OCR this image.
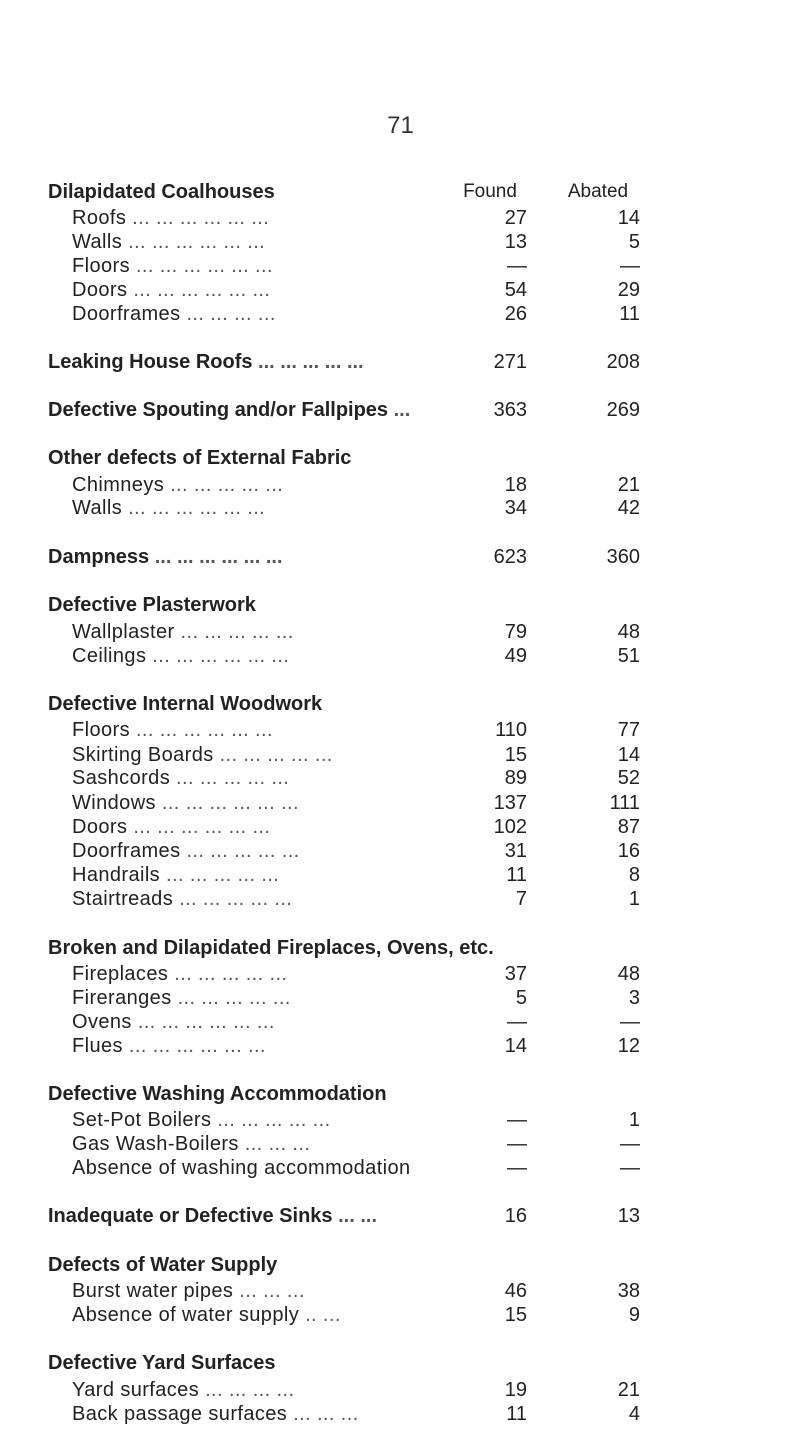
71
Dilapidated Coalhouses	Found	Abated
Roofs ... ... ... ... ... ...	27	14
Walls ... ... ... ... ... ...	13	5
Floors ... ... ... ... ... ...	—	—
Doors ... ... ... ... ... ...	54	29
Doorframes ... ... ... ...	26	11
Leaking House Roofs ... ... ... ... ...	271	208
Defective Spouting and/or Fallpipes ...	363	269
Other defects of External Fabric
Chimneys ... ... ... ... ...	18	21
Walls ... ... ... ... ... ...	34	42
Dampness ... ... ... ... ... ...	623	360
Defective Plasterwork
Wallplaster ... ... ... ... ...	79	48
Ceilings ... ... ... ... ... ...	49	51
Defective Internal Woodwork
Floors ... ... ... ... ... ...	110	77
Skirting Boards ... ... ... ... ...	15	14
Sashcords ... ... ... ... ...	89	52
Windows ... ... ... ... ... ...	137	111
Doors ... ... ... ... ... ...	102	87
Doorframes ... ... ... ... ...	31	16
Handrails ... ... ... ... ...	11	8
Stairtreads ... ... ... ... ...	7	1
Broken and Dilapidated Fireplaces, Ovens, etc.
Fireplaces ... ... ... ... ...	37	48
Fireranges ... ... ... ... ...	5	3
Ovens ... ... ... ... ... ...	—	—
Flues ... ... ... ... ... ...	14	12
Defective Washing Accommodation
Set-Pot Boilers ... ... ... ... ...	—	1
Gas Wash-Boilers ... ... ...	—	—
Absence of washing accommodation	—	—
Inadequate or Defective Sinks ... ...	16	13
Defects of Water Supply
Burst water pipes ... ... ...	46	38
Absence of water supply .. ...	15	9
Defective Yard Surfaces
Yard surfaces ... ... ... ...	19	21
Back passage surfaces ... ... ...	11	4
